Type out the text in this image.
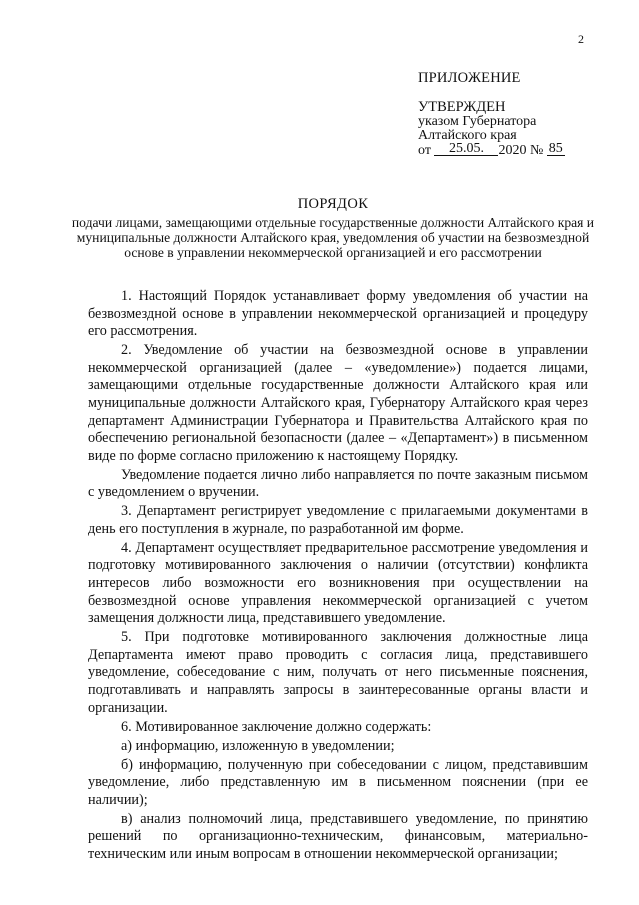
2
ПРИЛОЖЕНИЕ
УТВЕРЖДЕН
указом Губернатора
Алтайского края
от 25.05. 2020 № 85
ПОРЯДОК
подачи лицами, замещающими отдельные государственные должности Алтайского края и муниципальные должности Алтайского края, уведомления об участии на безвозмездной основе в управлении некоммерческой организацией и его рассмотрении

1. Настоящий Порядок устанавливает форму уведомления об участии на безвозмездной основе в управлении некоммерческой организацией и процедуру его рассмотрения.

2. Уведомление об участии на безвозмездной основе в управлении некоммерческой организацией (далее – «уведомление») подается лицами, замещающими отдельные государственные должности Алтайского края или муниципальные должности Алтайского края, Губернатору Алтайского края через департамент Администрации Губернатора и Правительства Алтайского края по обеспечению региональной безопасности (далее – «Департамент») в письменном виде по форме согласно приложению к настоящему Порядку.

Уведомление подается лично либо направляется по почте заказным письмом с уведомлением о вручении.

3. Департамент регистрирует уведомление с прилагаемыми документами в день его поступления в журнале, по разработанной им форме.

4. Департамент осуществляет предварительное рассмотрение уведомления и подготовку мотивированного заключения о наличии (отсутствии) конфликта интересов либо возможности его возникновения при осуществлении на безвозмездной основе управления некоммерческой организацией с учетом замещения должности лица, представившего уведомление.

5. При подготовке мотивированного заключения должностные лица Департамента имеют право проводить с согласия лица, представившего уведомление, собеседование с ним, получать от него письменные пояснения, подготавливать и направлять запросы в заинтересованные органы власти и организации.

6. Мотивированное заключение должно содержать:

а) информацию, изложенную в уведомлении;

б) информацию, полученную при собеседовании с лицом, представившим уведомление, либо представленную им в письменном пояснении (при ее наличии);

в) анализ полномочий лица, представившего уведомление, по принятию решений по организационно-техническим, финансовым, материально-техническим или иным вопросам в отношении некоммерческой организации;
